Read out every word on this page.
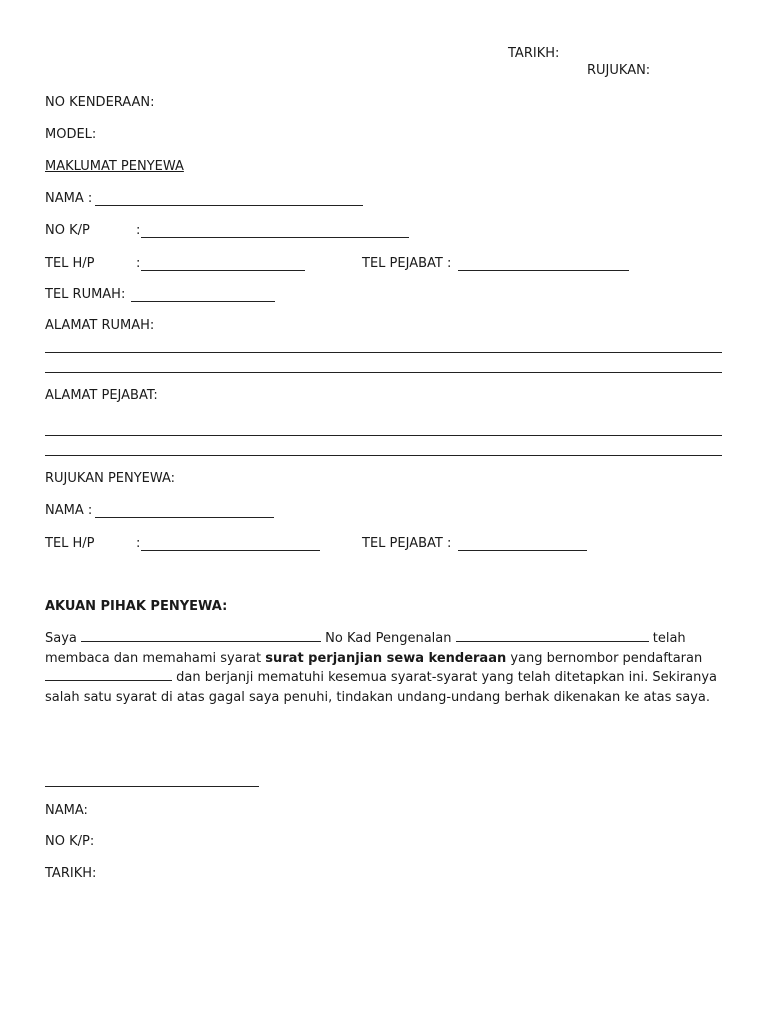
TARIKH:
RUJUKAN:
NO KENDERAAN:
MODEL:
MAKLUMAT PENYEWA
NAMA :
NO K/P	:
TEL H/P	:	TEL PEJABAT :
TEL RUMAH:
ALAMAT RUMAH:
ALAMAT PEJABAT:
RUJUKAN PENYEWA:
NAMA :
TEL H/P	:	TEL PEJABAT :
AKUAN PIHAK PENYEWA:
Saya	No Kad Pengenalan	telah membaca dan memahami syarat surat perjanjian sewa kenderaan yang bernombor pendaftaran  dan berjanji mematuhi kesemua syarat-syarat yang telah ditetapkan ini. Sekiranya salah satu syarat di atas gagal saya penuhi, tindakan undang-undang berhak dikenakan ke atas saya.
NAMA:
NO K/P:
TARIKH:
